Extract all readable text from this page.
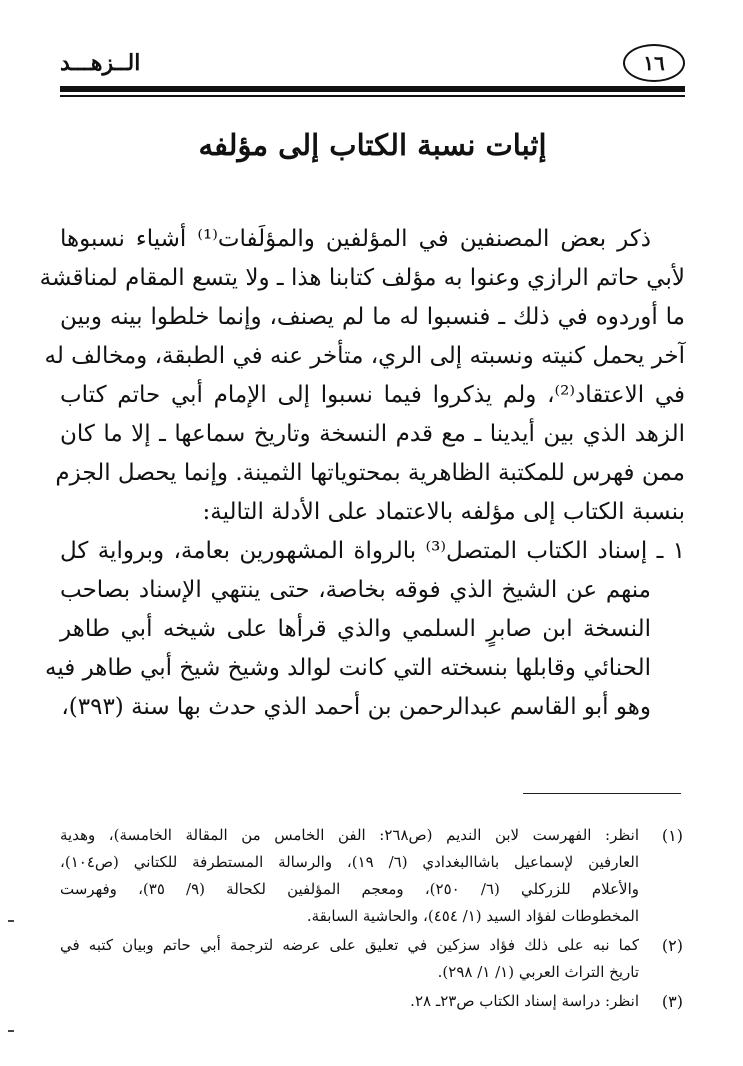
الــزهـــد	١٦
إثبات نسبة الكتاب إلى مؤلفه
ذكر بعض المصنفين في المؤلفين والمؤلَفات⁽¹⁾ أشياء نسبوها
لأبي حاتم الرازي وعنوا به مؤلف كتابنا هذا ـ ولا يتسع المقام لمناقشة
ما أوردوه في ذلك ـ فنسبوا له ما لم يصنف، وإنما خلطوا بينه وبين
آخر يحمل كنيته ونسبته إلى الري، متأخر عنه في الطبقة، ومخالف له
في الاعتقاد⁽²⁾، ولم يذكروا فيما نسبوا إلى الإمام أبي حاتم كتاب
الزهد الذي بين أيدينا ـ مع قدم النسخة وتاريخ سماعها ـ إلا ما كان
ممن فهرس للمكتبة الظاهرية بمحتوياتها الثمينة. وإنما يحصل الجزم
بنسبة الكتاب إلى مؤلفه بالاعتماد على الأدلة التالية:
١ ـ إسناد الكتاب المتصل⁽³⁾ بالرواة المشهورين بعامة، وبرواية كل
منهم عن الشيخ الذي فوقه بخاصة، حتى ينتهي الإسناد بصاحب
النسخة ابن صابرٍ السلمي والذي قرأها على شيخه أبي طاهر
الحنائي وقابلها بنسخته التي كانت لوالد وشيخ شيخ أبي طاهر فيه
وهو أبو القاسم عبدالرحمن بن أحمد الذي حدث بها سنة (٣٩٣)،
(١)
انظر: الفهرست لابن النديم (ص٢٦٨: الفن الخامس من المقالة الخامسة)، وهدية
العارفين لإسماعيل باشاالبغدادي (٦/ ١٩)، والرسالة المستطرفة للكتاني (ص١٠٤)،
والأعلام للزركلي (٦/ ٢٥٠)، ومعجم المؤلفين لكحالة (٩/ ٣٥)، وفهرست
المخطوطات لفؤاد السيد (١/ ٤٥٤)، والحاشية السابقة.
(٢)
كما نبه على ذلك فؤاد سزكين في تعليق على عرضه لترجمة أبي حاتم وبيان كتبه في
تاريخ التراث العربي (١/ ١/ ٢٩٨).
(٣)
انظر: دراسة إسناد الكتاب ص٢٣ـ ٢٨.
